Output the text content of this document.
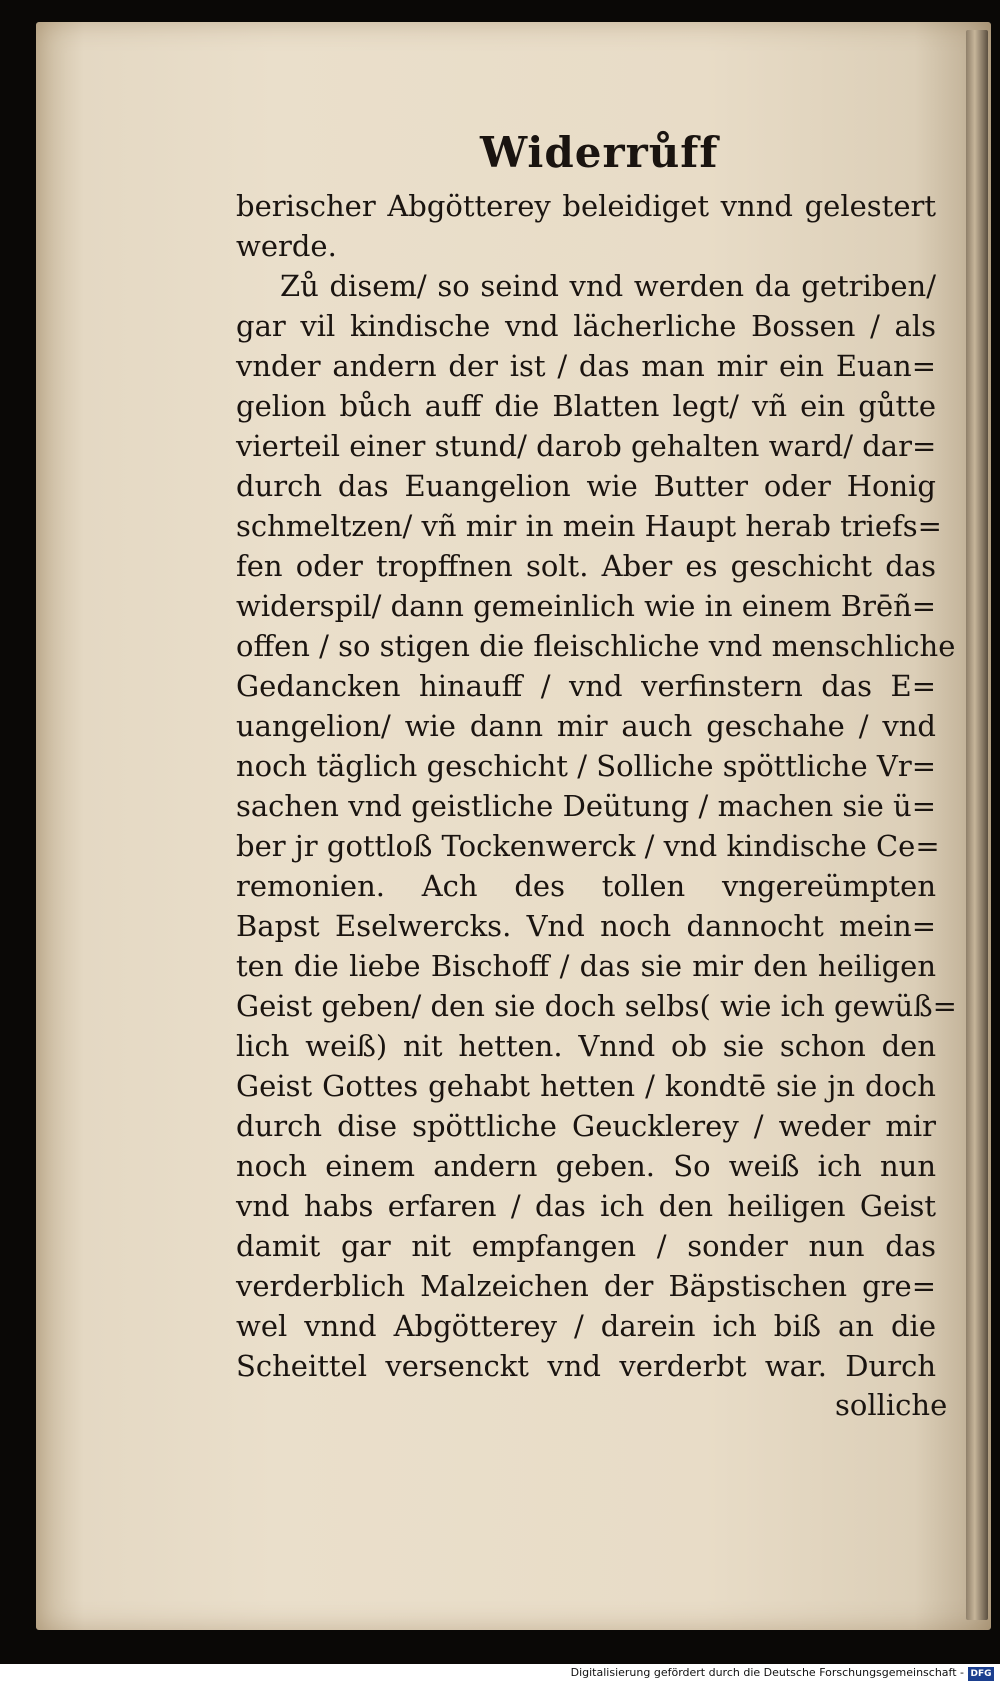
Widerrůff
berischer Abgötterey beleidiget vnnd gelestert
werde.
Zů disem/ so seind vnd werden da getriben/
gar vil kindische vnd lächerliche Bossen / als
vnder andern der ist / das man mir ein Euan=
gelion bůch auff die Blatten legt/ vñ ein gůtte
vierteil einer stund/ darob gehalten ward/ dar=
durch das Euangelion wie Butter oder Honig
schmeltzen/ vñ mir in mein Haupt herab triefs=
fen oder tropffnen solt. Aber es geschicht das
widerspil/ dann gemeinlich wie in einem Brēñ=
offen / so stigen die fleischliche vnd menschliche
Gedancken hinauff / vnd verfinstern das E=
uangelion/ wie dann mir auch geschahe / vnd
noch täglich geschicht / Solliche spöttliche Vr=
sachen vnd geistliche Deütung / machen sie ü=
ber jr gottloß Tockenwerck / vnd kindische Ce=
remonien. Ach des tollen vngereümpten
Bapst Eselwercks. Vnd noch dannocht mein=
ten die liebe Bischoff / das sie mir den heiligen
Geist geben/ den sie doch selbs( wie ich gewüß=
lich weiß) nit hetten. Vnnd ob sie schon den
Geist Gottes gehabt hetten / kondtē sie jn doch
durch dise spöttliche Geucklerey / weder mir
noch einem andern geben. So weiß ich nun
vnd habs erfaren / das ich den heiligen Geist
damit gar nit empfangen / sonder nun das
verderblich Malzeichen der Bäpstischen gre=
wel vnnd Abgötterey / darein ich biß an die
Scheittel versenckt vnd verderbt war. Durch
solliche
Digitalisierung gefördert durch die Deutsche Forschungsgemeinschaft - DFG
